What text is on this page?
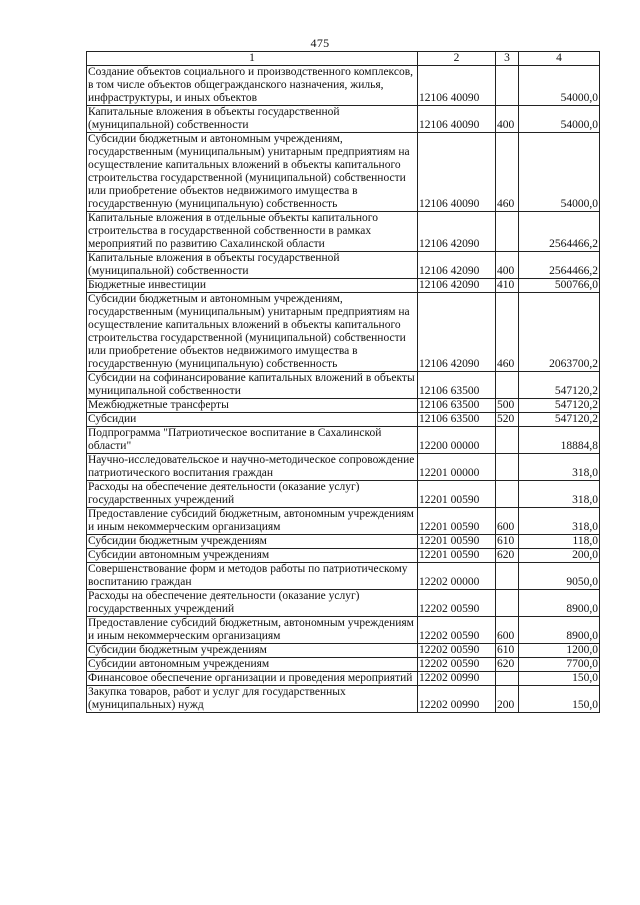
475
1	2	3	4
Создание объектов социального и производственного комплексов, в том числе объектов общегражданского назначения, жилья, инфраструктуры, и иных объектов	12106 40090		54000,0
Капитальные вложения в объекты государственной (муниципальной) собственности	12106 40090	400	54000,0
Субсидии бюджетным и автономным учреждениям, государственным (муниципальным) унитарным предприятиям на осуществление капитальных вложений в объекты капитального строительства государственной (муниципальной) собственности или приобретение объектов недвижимого имущества в государственную (муниципальную) собственность	12106 40090	460	54000,0
Капитальные вложения в отдельные объекты капитального строительства в государственной собственности в рамках мероприятий по развитию Сахалинской области	12106 42090		2564466,2
Капитальные вложения в объекты государственной (муниципальной) собственности	12106 42090	400	2564466,2
Бюджетные инвестиции	12106 42090	410	500766,0
Субсидии бюджетным и автономным учреждениям, государственным (муниципальным) унитарным предприятиям на осуществление капитальных вложений в объекты капитального строительства государственной (муниципальной) собственности или приобретение объектов недвижимого имущества в государственную (муниципальную) собственность	12106 42090	460	2063700,2
Субсидии на софинансирование капитальных вложений в объекты муниципальной собственности	12106 63500		547120,2
Межбюджетные трансферты	12106 63500	500	547120,2
Субсидии	12106 63500	520	547120,2
Подпрограмма "Патриотическое воспитание в Сахалинской области"	12200 00000		18884,8
Научно-исследовательское и научно-методическое сопровождение патриотического воспитания граждан	12201 00000		318,0
Расходы на обеспечение деятельности (оказание услуг) государственных учреждений	12201 00590		318,0
Предоставление субсидий бюджетным, автономным учреждениям и иным некоммерческим организациям	12201 00590	600	318,0
Субсидии бюджетным учреждениям	12201 00590	610	118,0
Субсидии автономным учреждениям	12201 00590	620	200,0
Совершенствование форм и методов работы по патриотическому воспитанию граждан	12202 00000		9050,0
Расходы на обеспечение деятельности (оказание услуг) государственных учреждений	12202 00590		8900,0
Предоставление субсидий бюджетным, автономным учреждениям и иным некоммерческим организациям	12202 00590	600	8900,0
Субсидии бюджетным учреждениям	12202 00590	610	1200,0
Субсидии автономным учреждениям	12202 00590	620	7700,0
Финансовое обеспечение организации и проведения мероприятий	12202 00990		150,0
Закупка товаров, работ и услуг для государственных (муниципальных) нужд	12202 00990	200	150,0
